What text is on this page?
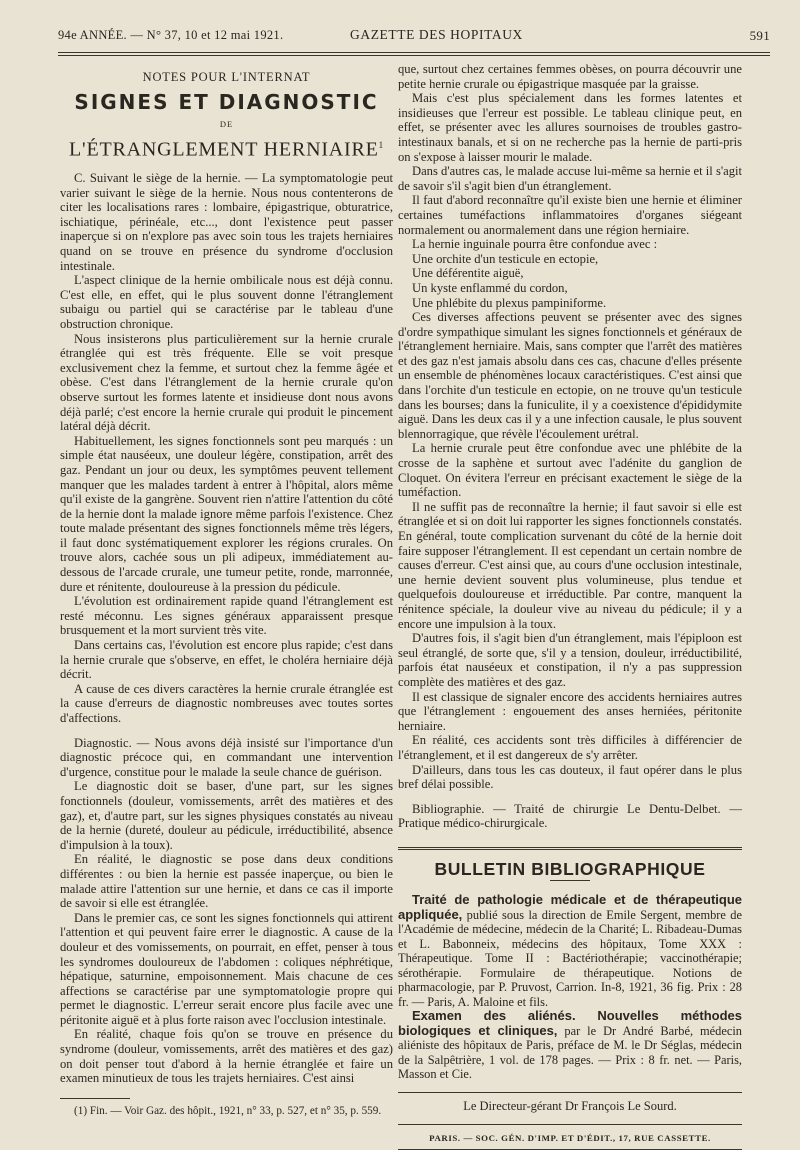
94e ANNÉE. — N° 37, 10 et 12 mai 1921.	GAZETTE DES HOPITAUX	591
NOTES POUR L'INTERNAT
SIGNES ET DIAGNOSTIC
DE
L'ÉTRANGLEMENT HERNIAIRE$^1$

C. Suivant le siège de la hernie. — La symptomatologie peut varier suivant le siège de la hernie. Nous nous contenterons de citer les localisations rares : lombaire, épigastrique, obturatrice, ischiatique, périnéale, etc..., dont l'existence peut passer inaperçue si on n'explore pas avec soin tous les trajets herniaires quand on se trouve en présence du syndrome d'occlusion intestinale.

L'aspect clinique de la hernie ombilicale nous est déjà connu. C'est elle, en effet, qui le plus souvent donne l'étranglement subaigu ou partiel qui se caractérise par le tableau d'une obstruction chronique.

Nous insisterons plus particulièrement sur la hernie crurale étranglée qui est très fréquente. Elle se voit presque exclusivement chez la femme, et surtout chez la femme âgée et obèse. C'est dans l'étranglement de la hernie crurale qu'on observe surtout les formes latente et insidieuse dont nous avons déjà parlé; c'est encore la hernie crurale qui produit le pincement latéral déjà décrit.

Habituellement, les signes fonctionnels sont peu marqués : un simple état nauséeux, une douleur légère, constipation, arrêt des gaz. Pendant un jour ou deux, les symptômes peuvent tellement manquer que les malades tardent à entrer à l'hôpital, alors même qu'il existe de la gangrène. Souvent rien n'attire l'attention du côté de la hernie dont la malade ignore même parfois l'existence. Chez toute malade présentant des signes fonctionnels même très légers, il faut donc systématiquement explorer les régions crurales. On trouve alors, cachée sous un pli adipeux, immédiatement au-dessous de l'arcade crurale, une tumeur petite, ronde, marronnée, dure et rénitente, douloureuse à la pression du pédicule.

L'évolution est ordinairement rapide quand l'étranglement est resté méconnu. Les signes généraux apparaissent presque brusquement et la mort survient très vite.

Dans certains cas, l'évolution est encore plus rapide; c'est dans la hernie crurale que s'observe, en effet, le choléra herniaire déjà décrit.

A cause de ces divers caractères la hernie crurale étranglée est la cause d'erreurs de diagnostic nombreuses avec toutes sortes d'affections.

Diagnostic. — Nous avons déjà insisté sur l'importance d'un diagnostic précoce qui, en commandant une intervention d'urgence, constitue pour le malade la seule chance de guérison.

Le diagnostic doit se baser, d'une part, sur les signes fonctionnels (douleur, vomissements, arrêt des matières et des gaz), et, d'autre part, sur les signes physiques constatés au niveau de la hernie (dureté, douleur au pédicule, irréductibilité, absence d'impulsion à la toux).

En réalité, le diagnostic se pose dans deux conditions différentes : ou bien la hernie est passée inaperçue, ou bien le malade attire l'attention sur une hernie, et dans ce cas il importe de savoir si elle est étranglée.

Dans le premier cas, ce sont les signes fonctionnels qui attirent l'attention et qui peuvent faire errer le diagnostic. A cause de la douleur et des vomissements, on pourrait, en effet, penser à tous les syndromes douloureux de l'abdomen : coliques néphrétique, hépatique, saturnine, empoisonnement. Mais chacune de ces affections se caractérise par une symptomatologie propre qui permet le diagnostic. L'erreur serait encore plus facile avec une péritonite aiguë et à plus forte raison avec l'occlusion intestinale.

En réalité, chaque fois qu'on se trouve en présence du syndrome (douleur, vomissements, arrêt des matières et des gaz) on doit penser tout d'abord à la hernie étranglée et faire un examen minutieux de tous les trajets herniaires. C'est ainsi

(1) Fin. — Voir Gaz. des hôpit., 1921, n° 33, p. 527, et n° 35, p. 559.

que, surtout chez certaines femmes obèses, on pourra découvrir une petite hernie crurale ou épigastrique masquée par la graisse.

Mais c'est plus spécialement dans les formes latentes et insidieuses que l'erreur est possible. Le tableau clinique peut, en effet, se présenter avec les allures sournoises de troubles gastro-intestinaux banals, et si on ne recherche pas la hernie de parti-pris on s'expose à laisser mourir le malade.

Dans d'autres cas, le malade accuse lui-même sa hernie et il s'agit de savoir s'il s'agit bien d'un étranglement.

Il faut d'abord reconnaître qu'il existe bien une hernie et éliminer certaines tuméfactions inflammatoires d'organes siégeant normalement ou anormalement dans une région herniaire.

La hernie inguinale pourra être confondue avec :

Une orchite d'un testicule en ectopie,

Une déférentite aiguë,

Un kyste enflammé du cordon,

Une phlébite du plexus pampiniforme.

Ces diverses affections peuvent se présenter avec des signes d'ordre sympathique simulant les signes fonctionnels et généraux de l'étranglement herniaire. Mais, sans compter que l'arrêt des matières et des gaz n'est jamais absolu dans ces cas, chacune d'elles présente un ensemble de phénomènes locaux caractéristiques. C'est ainsi que dans l'orchite d'un testicule en ectopie, on ne trouve qu'un testicule dans les bourses; dans la funiculite, il y a coexistence d'épididymite aiguë. Dans les deux cas il y a une infection causale, le plus souvent blennorragique, que révèle l'écoulement urétral.

La hernie crurale peut être confondue avec une phlébite de la crosse de la saphène et surtout avec l'adénite du ganglion de Cloquet. On évitera l'erreur en précisant exactement le siège de la tuméfaction.

Il ne suffit pas de reconnaître la hernie; il faut savoir si elle est étranglée et si on doit lui rapporter les signes fonctionnels constatés. En général, toute complication survenant du côté de la hernie doit faire supposer l'étranglement. Il est cependant un certain nombre de causes d'erreur. C'est ainsi que, au cours d'une occlusion intestinale, une hernie devient souvent plus volumineuse, plus tendue et quelquefois douloureuse et irréductible. Par contre, manquent la rénitence spéciale, la douleur vive au niveau du pédicule; il y a encore une impulsion à la toux.

D'autres fois, il s'agit bien d'un étranglement, mais l'épiploon est seul étranglé, de sorte que, s'il y a tension, douleur, irréductibilité, parfois état nauséeux et constipation, il n'y a pas suppression complète des matières et des gaz.

Il est classique de signaler encore des accidents herniaires autres que l'étranglement : engouement des anses herniées, péritonite herniaire.

En réalité, ces accidents sont très difficiles à différencier de l'étranglement, et il est dangereux de s'y arrêter.

D'ailleurs, dans tous les cas douteux, il faut opérer dans le plus bref délai possible.

Bibliographie. — Traité de chirurgie Le Dentu-Delbet. — Pratique médico-chirurgicale.

BULLETIN BIBLIOGRAPHIQUE

Traité de pathologie médicale et de thérapeutique appliquée, publié sous la direction de Emile Sergent, membre de l'Académie de médecine, médecin de la Charité; L. Ribadeau-Dumas et L. Babonneix, médecins des hôpitaux, Tome XXX : Thérapeutique. Tome II : Bactériothérapie; vaccinothérapie; sérothérapie. Formulaire de thérapeutique. Notions de pharmacologie, par P. Pruvost, Carrion. In-8, 1921, 36 fig. Prix : 28 fr. — Paris, A. Maloine et fils.

Examen des aliénés. Nouvelles méthodes biologiques et cliniques, par le Dr André Barbé, médecin aliéniste des hôpitaux de Paris, préface de M. le Dr Séglas, médecin de la Salpêtrière, 1 vol. de 178 pages. — Prix : 8 fr. net. — Paris, Masson et Cie.

Le Directeur-gérant Dr François Le Sourd.
PARIS. — SOC. GÉN. D'IMP. ET D'ÉDIT., 17, RUE CASSETTE.
